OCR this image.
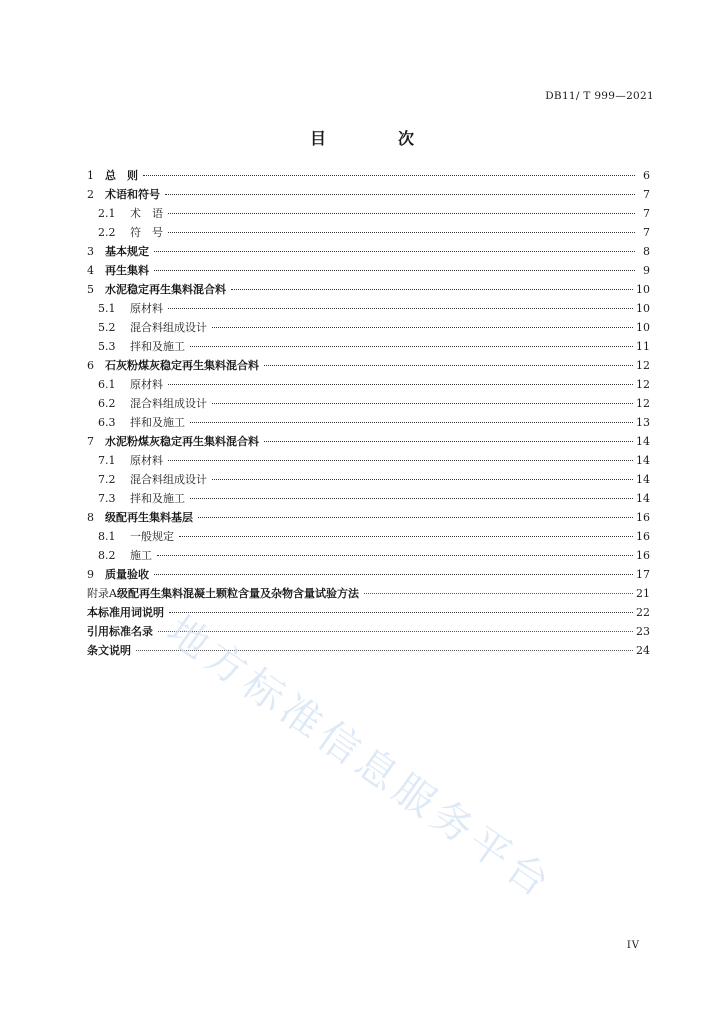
DB11/ T 999—2021
目　次
1	总　则	6
2	术语和符号	7
2.1	术　语	7
2.2	符　号	7
3	基本规定	8
4	再生集料	9
5	水泥稳定再生集料混合料	10
5.1	原材料	10
5.2	混合料组成设计	10
5.3	拌和及施工	11
6	石灰粉煤灰稳定再生集料混合料	12
6.1	原材料	12
6.2	混合料组成设计	12
6.3	拌和及施工	13
7	水泥粉煤灰稳定再生集料混合料	14
7.1	原材料	14
7.2	混合料组成设计	14
7.3	拌和及施工	14
8	级配再生集料基层	16
8.1	一般规定	16
8.2	施工	16
9	质量验收	17
附录A 级配再生集料混凝土颗粒含量及杂物含量试验方法	21
本标准用词说明	22
引用标准名录	23
条文说明	24
地方标准信息服务平台
IV
